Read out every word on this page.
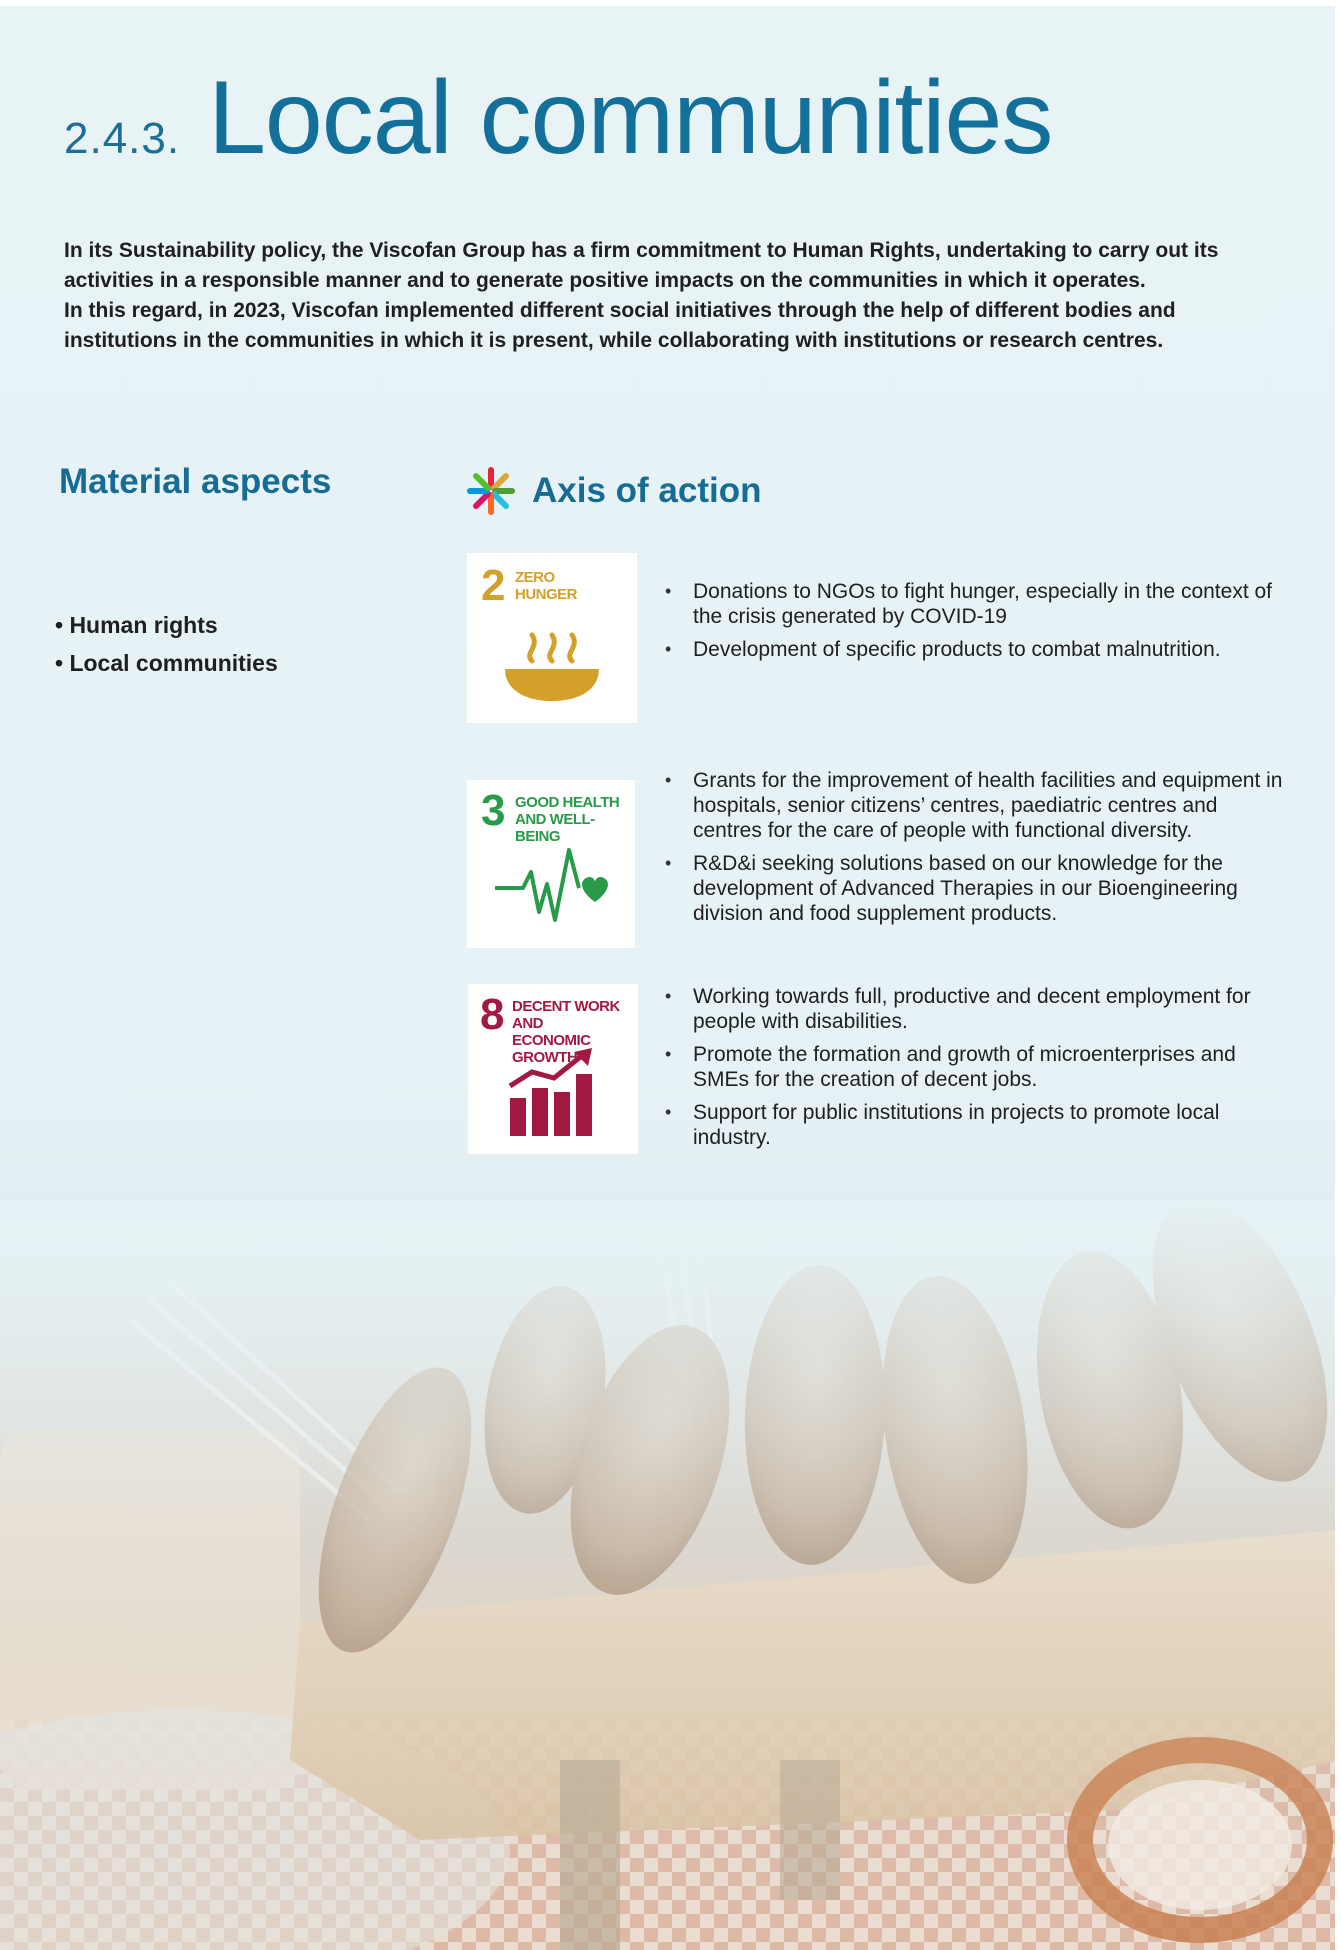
2.4.3. Local communities

In its Sustainability policy, the Viscofan Group has a firm commitment to Human Rights, undertaking to carry out its activities in a responsible manner and to generate positive impacts on the communities in which it operates.

In this regard, in 2023, Viscofan implemented different social initiatives through the help of different bodies and institutions in the communities in which it is present, while collaborating with institutions or research centres.

Material aspects
• Human rights
• Local communities
Axis of action
2 ZERO
HUNGER
•	Donations to NGOs to fight hunger, especially in the context of the crisis generated by COVID-19
• Development of specific products to combat malnutrition.
3 GOOD HEALTH
AND WELL-BEING
• Grants for the improvement of health facilities and equipment in hospitals, senior citizens’ centres, paediatric centres and centres for the care of people with functional diversity.
• R&D&i seeking solutions based on our knowledge for the development of Advanced Therapies in our Bioengineering division and food supplement products.
8 DECENT WORK AND
ECONOMIC GROWTH
• Working towards full, productive and decent employment for people with disabilities.
• Promote the formation and growth of microenterprises and SMEs for the creation of decent jobs.
• Support for public institutions in projects to promote local industry.
